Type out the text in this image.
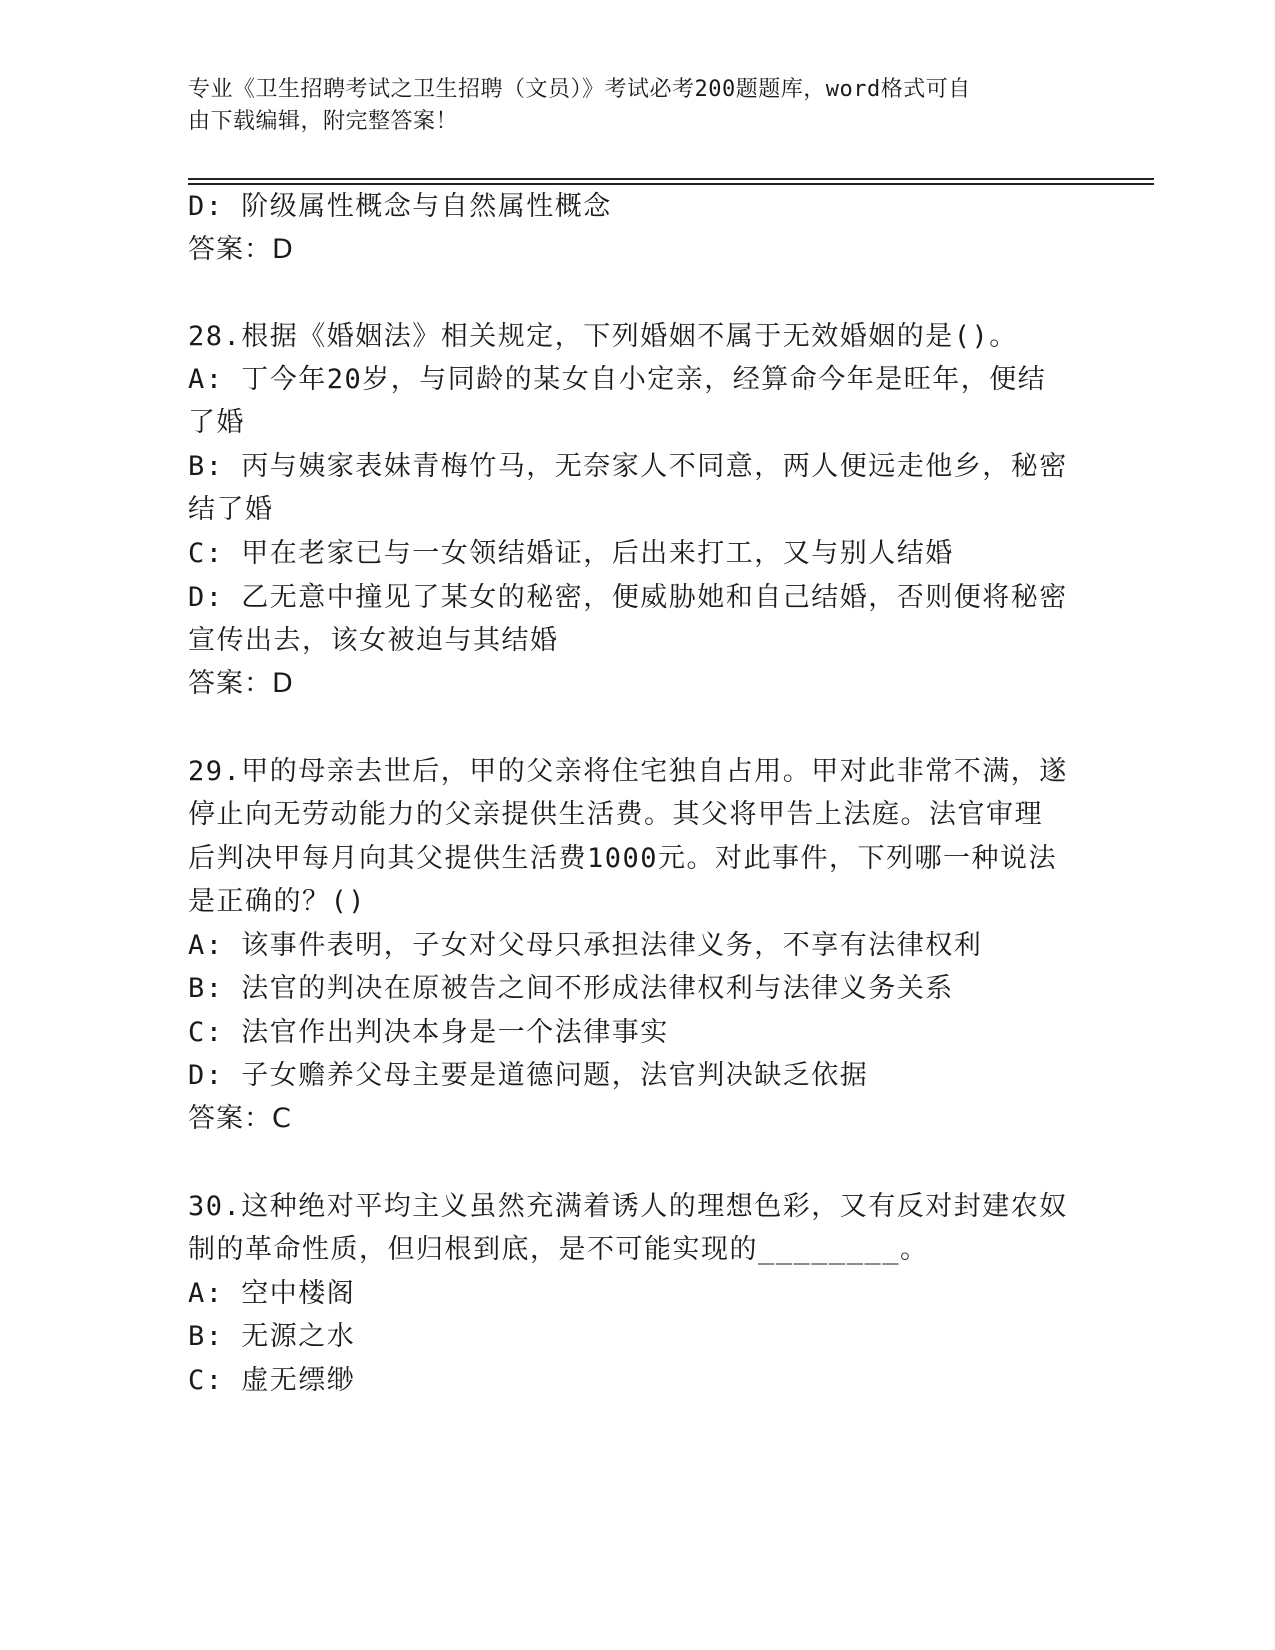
专业《卫生招聘考试之卫生招聘（文员）》考试必考200题题库，word格式可自
由下载编辑，附完整答案！
D: 阶级属性概念与自然属性概念
答案：D
28.根据《婚姻法》相关规定，下列婚姻不属于无效婚姻的是()。
A: 丁今年20岁，与同龄的某女自小定亲，经算命今年是旺年，便结
了婚
B: 丙与姨家表妹青梅竹马，无奈家人不同意，两人便远走他乡，秘密
结了婚
C: 甲在老家已与一女领结婚证，后出来打工，又与别人结婚
D: 乙无意中撞见了某女的秘密，便威胁她和自己结婚，否则便将秘密
宣传出去，该女被迫与其结婚
答案：D
29.甲的母亲去世后，甲的父亲将住宅独自占用。甲对此非常不满，遂
停止向无劳动能力的父亲提供生活费。其父将甲告上法庭。法官审理
后判决甲每月向其父提供生活费1000元。对此事件，下列哪一种说法
是正确的？()
A: 该事件表明，子女对父母只承担法律义务，不享有法律权利
B: 法官的判决在原被告之间不形成法律权利与法律义务关系
C: 法官作出判决本身是一个法律事实
D: 子女赡养父母主要是道德问题，法官判决缺乏依据
答案：C
30.这种绝对平均主义虽然充满着诱人的理想色彩，又有反对封建农奴
制的革命性质，但归根到底，是不可能实现的________。
A: 空中楼阁
B: 无源之水
C: 虚无缥缈
